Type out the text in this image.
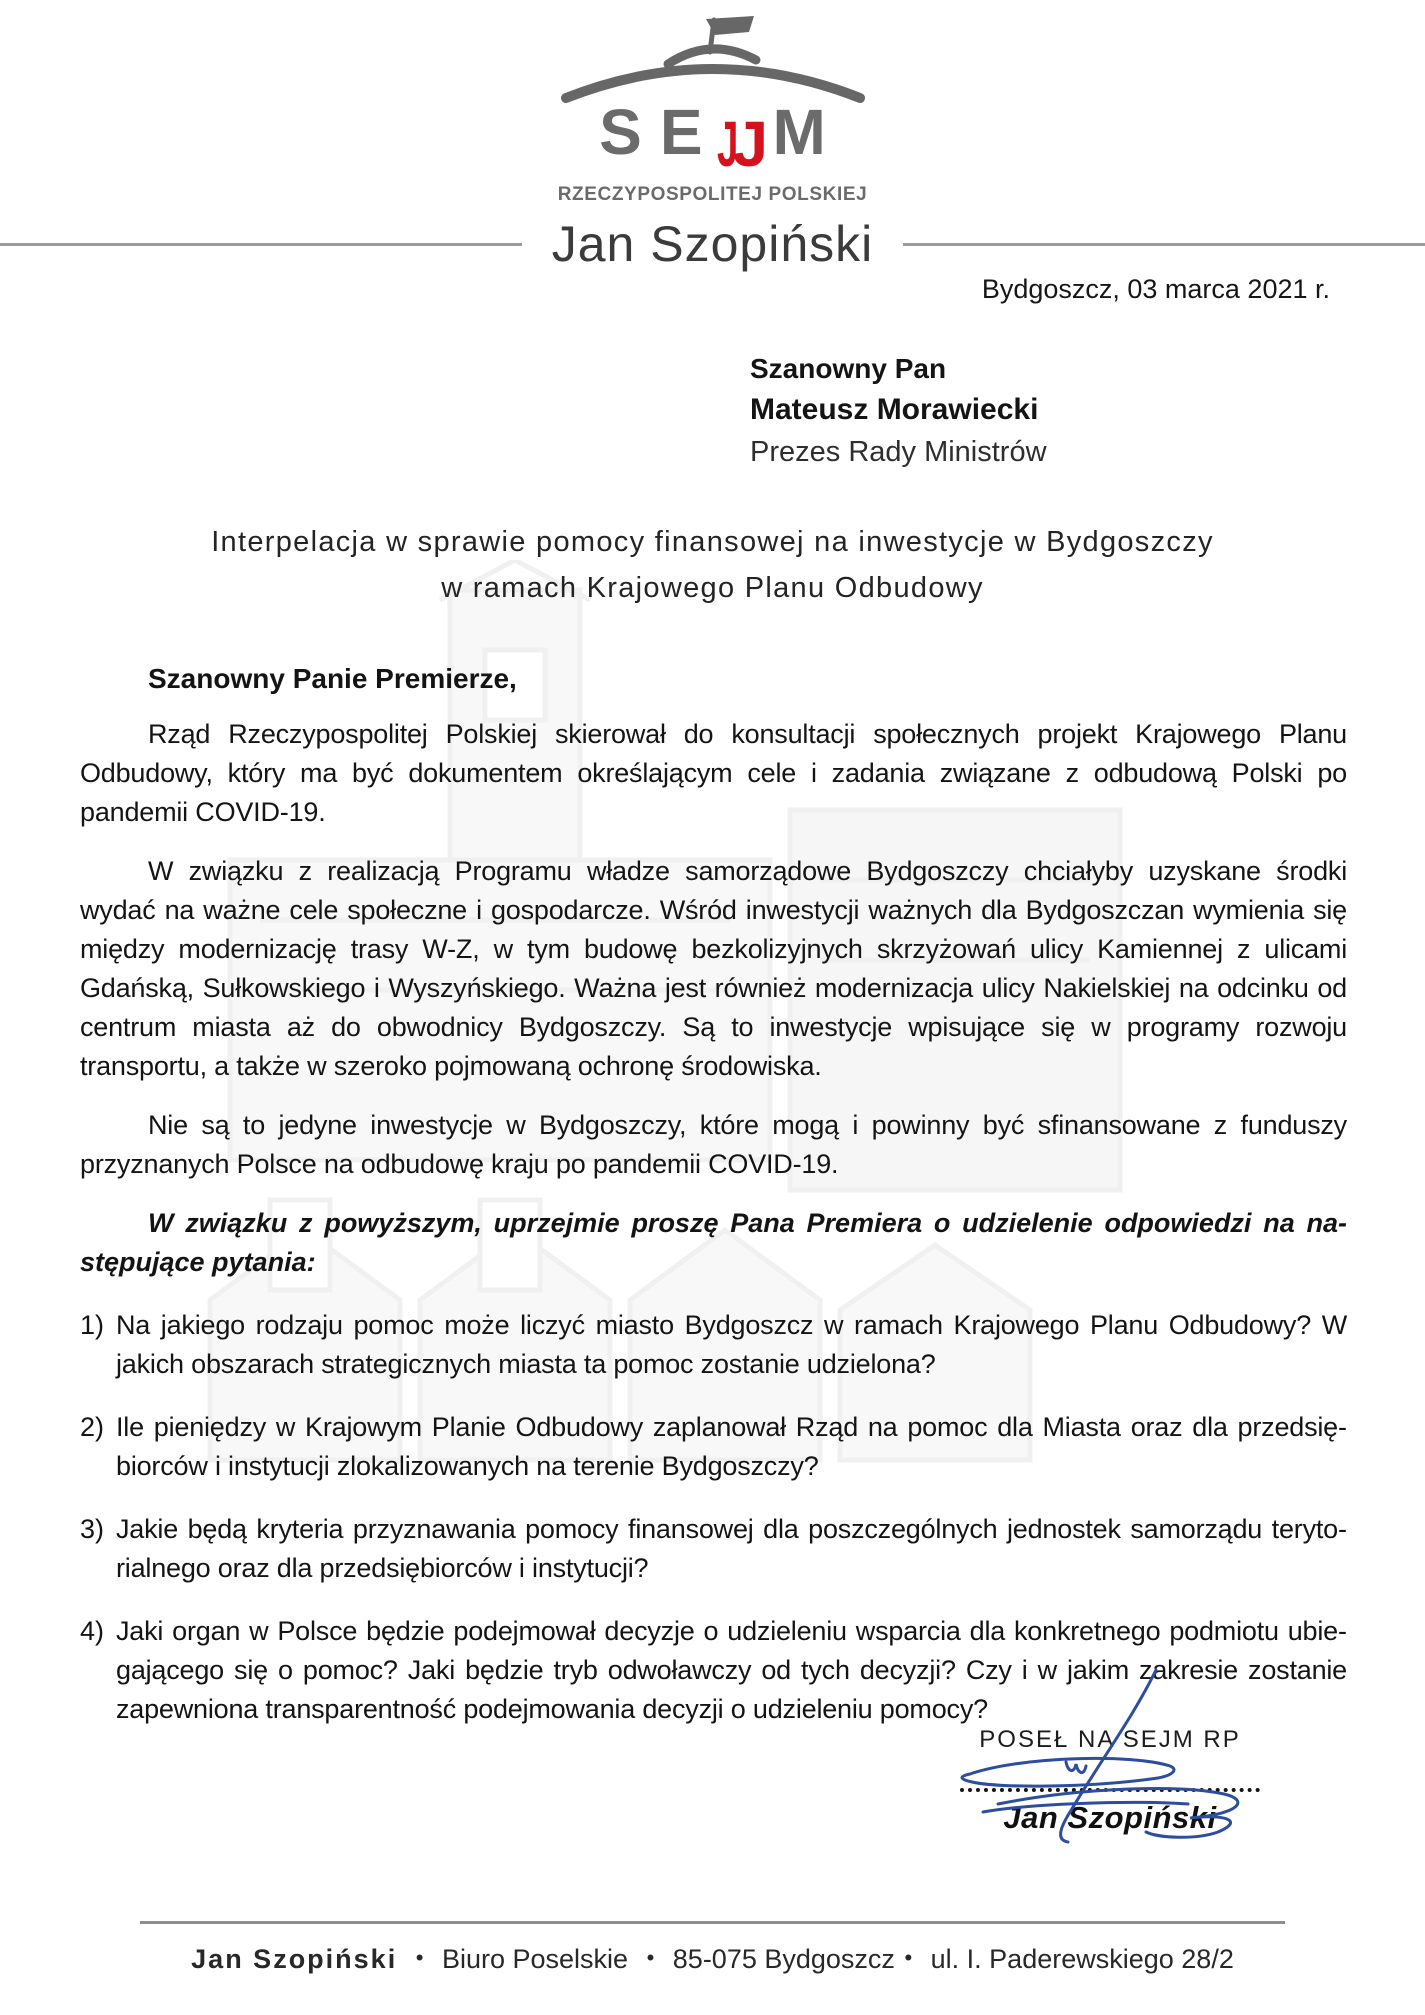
S E J
J M
RZECZYPOSPOLITEJ POLSKIEJ
Jan Szopiński
Bydgoszcz, 03 marca 2021 r.
Szanowny Pan
Mateusz Morawiecki
Prezes Rady Ministrów
Interpelacja w sprawie pomocy finansowej na inwestycje w Bydgoszczy
w ramach Krajowego Planu Odbudowy
Szanowny Panie Premierze,

Rząd Rzeczypospolitej Polskiej skierował do konsultacji społecznych projekt Krajowego Planu Odbudowy, który ma być dokumentem określającym cele i zadania związane z odbudową Polski po pandemii COVID-19.

W związku z realizacją Programu władze samorządowe Bydgoszczy chciałyby uzyskane środki wydać na ważne cele społeczne i gospodarcze. Wśród inwestycji ważnych dla Bydgoszczan wymienia się między modernizację trasy W-Z, w tym budowę bezkolizyjnych skrzyżowań ulicy Kamiennej z ulicami Gdańską, Sułkowskiego i Wyszyńskiego. Ważna jest również modernizacja ulicy Nakielskiej na odcinku od centrum miasta aż do obwodnicy Bydgoszczy. Są to inwestycje wpisujące się w programy rozwoju transportu, a także w szeroko pojmowaną ochronę środowiska.

Nie są to jedyne inwestycje w Bydgoszczy, które mogą i powinny być sfinansowane z funduszy przyznanych Polsce na odbudowę kraju po pandemii COVID-19.

W związku z powyższym, uprzejmie proszę Pana Premiera o udzielenie odpowiedzi na następujące pytania:

1) Na jakiego rodzaju pomoc może liczyć miasto Bydgoszcz w ramach Krajowego Planu Odbudowy? W jakich obszarach strategicznych miasta ta pomoc zostanie udzielona?
2) Ile pieniędzy w Krajowym Planie Odbudowy zaplanował Rząd na pomoc dla Miasta oraz dla przedsiębiorców i instytucji zlokalizowanych na terenie Bydgoszczy?
3) Jakie będą kryteria przyznawania pomocy finansowej dla poszczególnych jednostek samorządu terytorialnego oraz dla przedsiębiorców i instytucji?
4) Jaki organ w Polsce będzie podejmował decyzje o udzieleniu wsparcia dla konkretnego podmiotu ubiegającego się o pomoc? Jaki będzie tryb odwoławczy od tych decyzji? Czy i w jakim zakresie zostanie zapewniona transparentność podejmowania decyzji o udzieleniu pomocy?
POSEŁ NA SEJM RP
Jan Szopiński
Jan Szopiński • Biuro Poselskie • 85-075 Bydgoszcz • ul. I. Paderewskiego 28/2
